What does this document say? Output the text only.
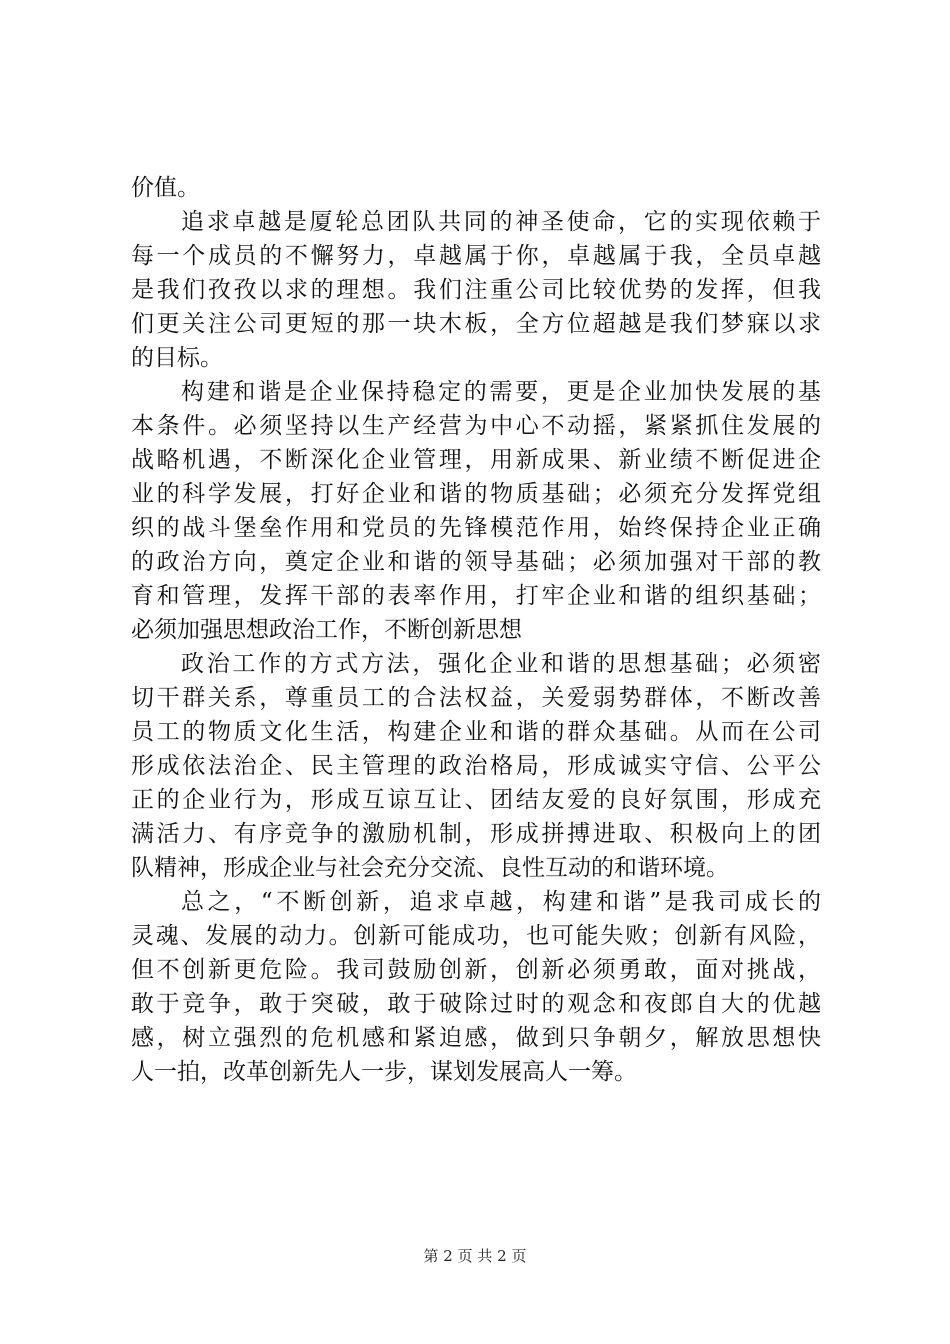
价值。
追求卓越是厦轮总团队共同的神圣使命，它的实现依赖于
每一个成员的不懈努力，卓越属于你，卓越属于我，全员卓越
是我们孜孜以求的理想。我们注重公司比较优势的发挥，但我
们更关注公司更短的那一块木板，全方位超越是我们梦寐以求
的目标。
构建和谐是企业保持稳定的需要，更是企业加快发展的基
本条件。必须坚持以生产经营为中心不动摇，紧紧抓住发展的
战略机遇，不断深化企业管理，用新成果、新业绩不断促进企
业的科学发展，打好企业和谐的物质基础；必须充分发挥党组
织的战斗堡垒作用和党员的先锋模范作用，始终保持企业正确
的政治方向，奠定企业和谐的领导基础；必须加强对干部的教
育和管理，发挥干部的表率作用，打牢企业和谐的组织基础；
必须加强思想政治工作，不断创新思想
政治工作的方式方法，强化企业和谐的思想基础；必须密
切干群关系，尊重员工的合法权益，关爱弱势群体，不断改善
员工的物质文化生活，构建企业和谐的群众基础。从而在公司
形成依法治企、民主管理的政治格局，形成诚实守信、公平公
正的企业行为，形成互谅互让、团结友爱的良好氛围，形成充
满活力、有序竞争的激励机制，形成拼搏进取、积极向上的团
队精神，形成企业与社会充分交流、良性互动的和谐环境。
总之，“不断创新，追求卓越，构建和谐”是我司成长的
灵魂、发展的动力。创新可能成功，也可能失败；创新有风险，
但不创新更危险。我司鼓励创新，创新必须勇敢，面对挑战，
敢于竞争，敢于突破，敢于破除过时的观念和夜郎自大的优越
感，树立强烈的危机感和紧迫感，做到只争朝夕，解放思想快
人一拍，改革创新先人一步，谋划发展高人一筹。
第 2 页 共 2 页
